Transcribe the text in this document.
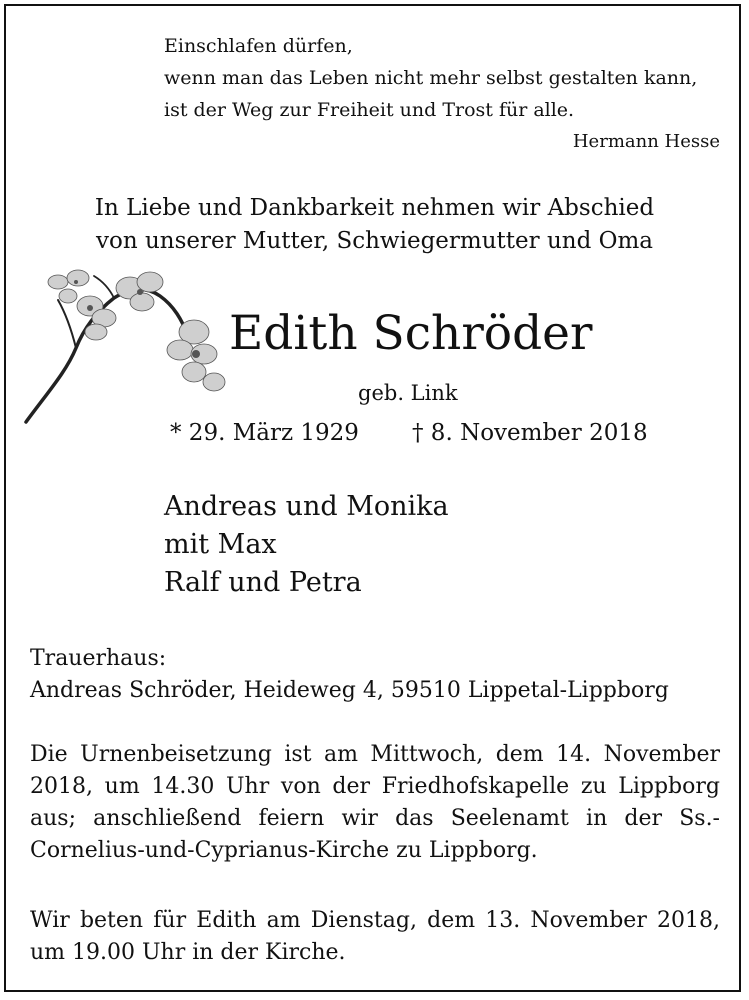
Einschlafen dürfen,
wenn man das Leben nicht mehr selbst gestalten kann,
ist der Weg zur Freiheit und Trost für alle.
Hermann Hesse
In Liebe und Dankbarkeit nehmen wir Abschied
von unserer Mutter, Schwiegermutter und Oma
Edith Schröder
geb. Link
* 29. März 1929 † 8. November 2018
Andreas und Monika
mit Max
Ralf und Petra
Trauerhaus:
Andreas Schröder, Heideweg 4, 59510 Lippetal-Lippborg
Die Urnenbeisetzung ist am Mittwoch, dem 14. November 2018, um 14.30 Uhr von der Friedhofskapelle zu Lippborg aus; anschließend feiern wir das Seelenamt in der Ss.-Cornelius-und-Cyprianus-Kirche zu Lippborg.
Wir beten für Edith am Dienstag, dem 13. November 2018, um 19.00 Uhr in der Kirche.
